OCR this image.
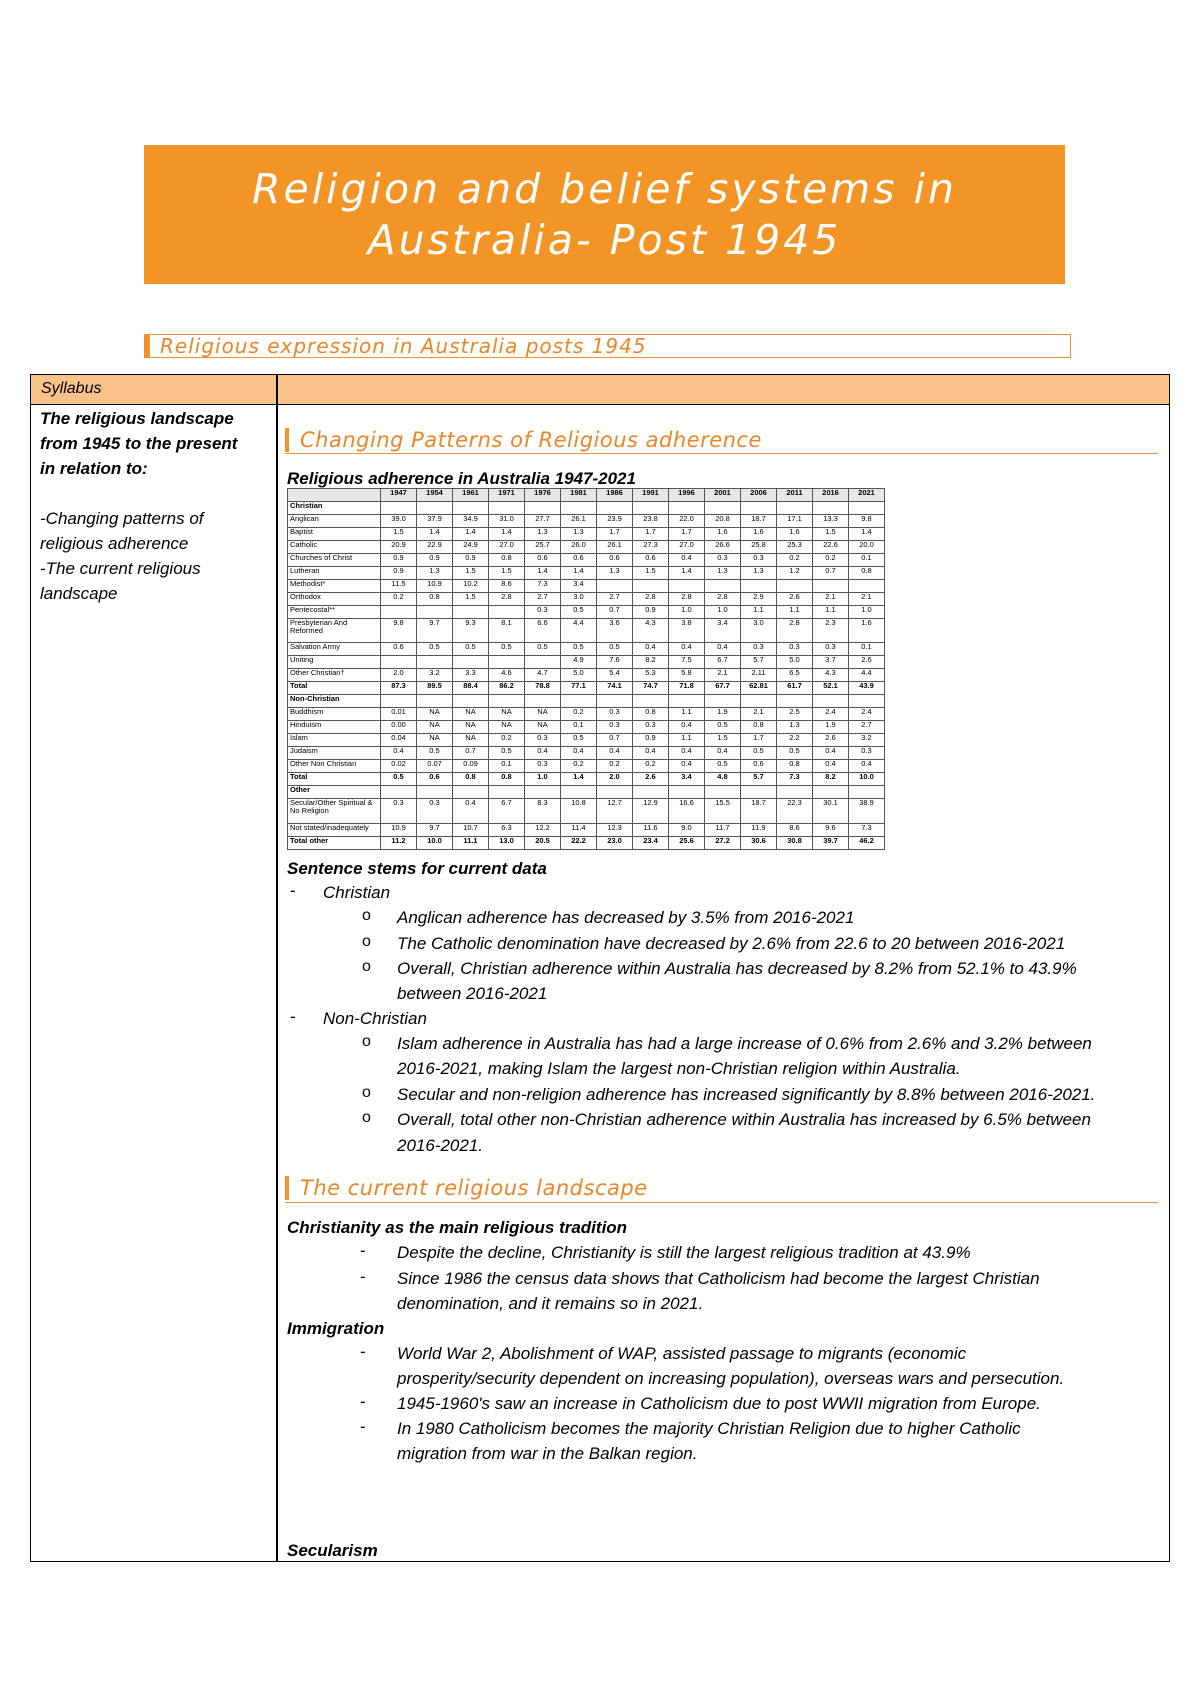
Religion and belief systems in
Australia- Post 1945
Religious expression in Australia posts 1945
Syllabus
The religious landscape
from 1945 to the present
in relation to:
-Changing patterns of
religious adherence
-The current religious
landscape
Changing Patterns of Religious adherence
Religious adherence in Australia 1947-2021
	1947	1954	1961	1971	1976	1981	1986	1991	1996	2001	2006	2011	2016	2021
Christian														
Anglican	39.0	37.9	34.9	31.0	27.7	26.1	23.9	23.8	22.0	20.8	18.7	17.1	13.3	9.8
Baptist	1.5	1.4	1.4	1.4	1.3	1.3	1.7	1.7	1.7	1.6	1.6	1.6	1.5	1.4
Catholic	20.9	22.9	24.9	27.0	25.7	26.0	26.1	27.3	27.0	26.6	25.8	25.3	22.6	20.0
Churches of Christ	0.9	0.9	0.9	0.8	0.6	0.6	0.6	0.6	0.4	0.3	0.3	0.2	0.2	0.1
Lutheran	0.9	1.3	1.5	1.5	1.4	1.4	1.3	1.5	1.4	1.3	1.3	1.2	0.7	0.8
Methodist*	11.5	10.9	10.2	8.6	7.3	3.4								
Orthodox	0.2	0.8	1.5	2.8	2.7	3.0	2.7	2.8	2.8	2.8	2.9	2.6	2.1	2.1
Pentecostal**					0.3	0.5	0.7	0.9	1.0	1.0	1.1	1.1	1.1	1.0
Presbyterian And Reformed	9.8	9.7	9.3	8.1	6.6	4.4	3.6	4.3	3.8	3.4	3.0	2.8	2.3	1.6
Salvation Army	0.6	0.5	0.5	0.5	0.5	0.5	0.5	0.4	0.4	0.4	0.3	0.3	0.3	0.1
Uniting						4.9	7.6	8.2	7.5	6.7	5.7	5.0	3.7	2.6
Other Christian†	2.0	3.2	3.3	4.6	4.7	5.0	5.4	5.3	5.8	2.1	2.11	6.5	4.3	4.4
Total	87.3	89.5	88.4	86.2	78.8	77.1	74.1	74.7	71.8	67.7	62.81	61.7	52.1	43.9
Non-Christian														
Buddhism	0.01	NA	NA	NA	NA	0.2	0.3	0.8	1.1	1.9	2.1	2.5	2.4	2.4
Hinduism	0.00	NA	NA	NA	NA	0.1	0.3	0.3	0.4	0.5	0.8	1.3	1.9	2.7
Islam	0.04	NA	NA	0.2	0.3	0.5	0.7	0.9	1.1	1.5	1.7	2.2	2.6	3.2
Judaism	0.4	0.5	0.7	0.5	0.4	0.4	0.4	0.4	0.4	0.4	0.5	0.5	0.4	0.3
Other Non Christian	0.02	0.07	0.09	0.1	0.3	0.2	0.2	0.2	0.4	0.5	0.6	0.8	0.4	0.4
Total	0.5	0.6	0.8	0.8	1.0	1.4	2.0	2.6	3.4	4.8	5.7	7.3	8.2	10.0
Other														
Secular/Other Spiritual & No Religion	0.3	0.3	0.4	6.7	8.3	10.8	12.7	12.9	16.6	15.5	18.7	22.3	30.1	38.9
Not stated/inadequately	10.9	9.7	10.7	6.3	12.2	11.4	12.3	11.6	9.0	11.7	11.9	8.6	9.6	7.3
Total other	11.2	10.0	11.1	13.0	20.5	22.2	23.0	23.4	25.6	27.2	30.6	30.8	39.7	46.2
Sentence stems for current data
- Christian
o Anglican adherence has decreased by 3.5% from 2016-2021
o The Catholic denomination have decreased by 2.6% from 22.6 to 20 between 2016-2021
o Overall, Christian adherence within Australia has decreased by 8.2% from 52.1% to 43.9%
between 2016-2021
- Non-Christian
o Islam adherence in Australia has had a large increase of 0.6% from 2.6% and 3.2% between
2016-2021, making Islam the largest non-Christian religion within Australia.
o Secular and non-religion adherence has increased significantly by 8.8% between 2016-2021.
o Overall, total other non-Christian adherence within Australia has increased by 6.5% between
2016-2021.
The current religious landscape
Christianity as the main religious tradition
- Despite the decline, Christianity is still the largest religious tradition at 43.9%
- Since 1986 the census data shows that Catholicism had become the largest Christian
denomination, and it remains so in 2021.
Immigration
- World War 2, Abolishment of WAP, assisted passage to migrants (economic
prosperity/security dependent on increasing population), overseas wars and persecution.
- 1945-1960's saw an increase in Catholicism due to post WWII migration from Europe.
- In 1980 Catholicism becomes the majority Christian Religion due to higher Catholic
migration from war in the Balkan region.
Secularism
